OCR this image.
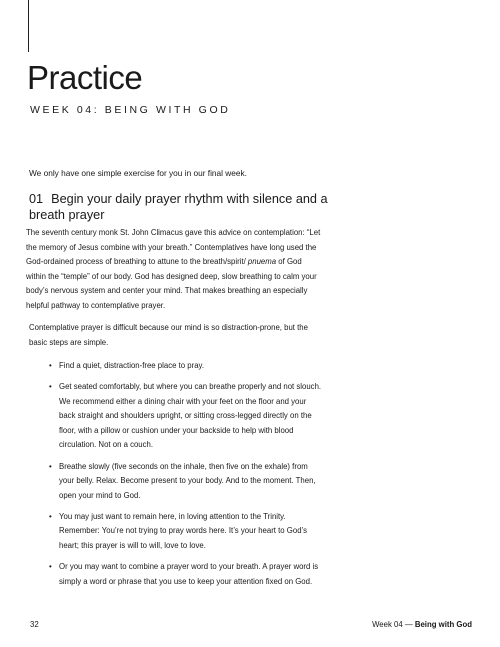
Practice

WEEK 04: BEING WITH GOD

We only have one simple exercise for you in our final week.

01 Begin your daily prayer rhythm with silence and a breath prayer

The seventh century monk St. John Climacus gave this advice on contemplation: “Let the memory of Jesus combine with your breath.” Contemplatives have long used the God-ordained process of breathing to attune to the breath/spirit/ pnuema of God within the “temple” of our body. God has designed deep, slow breathing to calm your body’s nervous system and center your mind. That makes breathing an especially helpful pathway to contemplative prayer.

Contemplative prayer is difficult because our mind is so distraction-prone, but the basic steps are simple.

• Find a quiet, distraction-free place to pray.
• Get seated comfortably, but where you can breathe properly and not slouch. We recommend either a dining chair with your feet on the floor and your back straight and shoulders upright, or sitting cross-legged directly on the floor, with a pillow or cushion under your backside to help with blood circulation. Not on a couch.
• Breathe slowly (five seconds on the inhale, then five on the exhale) from your belly. Relax. Become present to your body. And to the moment. Then, open your mind to God.
• You may just want to remain here, in loving attention to the Trinity. Remember: You’re not trying to pray words here. It’s your heart to God’s heart; this prayer is will to will, love to love.
• Or you may want to combine a prayer word to your breath. A prayer word is simply a word or phrase that you use to keep your attention fixed on God.
32	Week 04 — Being with God
